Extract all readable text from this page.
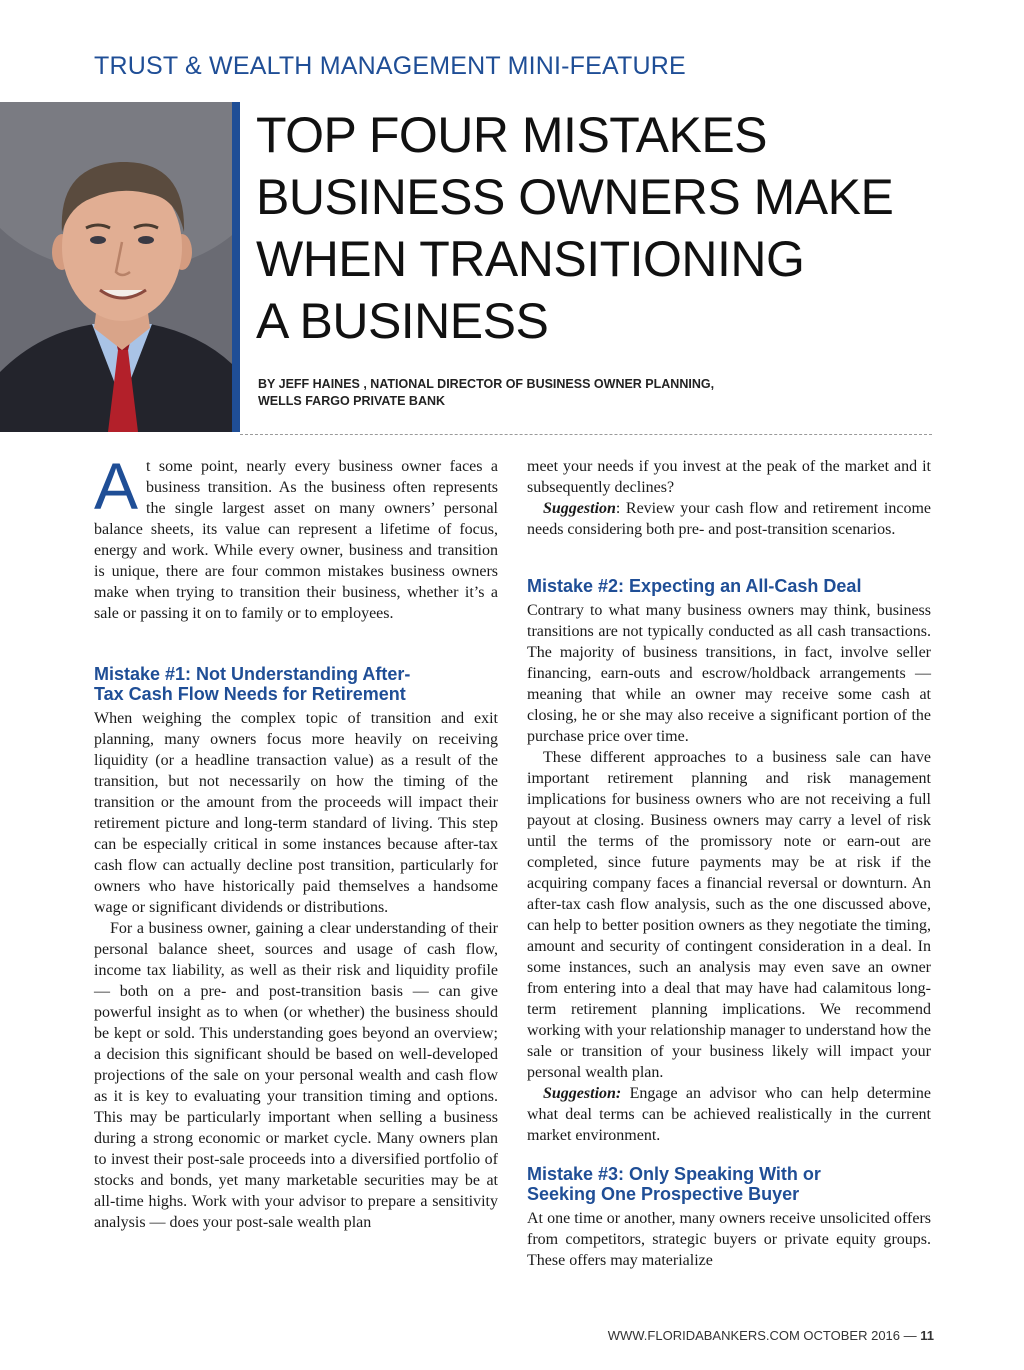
TRUST & WEALTH MANAGEMENT MINI-FEATURE
TOP FOUR MISTAKES
BUSINESS OWNERS MAKE
WHEN TRANSITIONING
A BUSINESS
BY JEFF HAINES , NATIONAL DIRECTOR OF BUSINESS OWNER PLANNING,
WELLS FARGO PRIVATE BANK

At some point, nearly every business owner faces a business transition. As the business often represents the single largest asset on many owners’ personal balance sheets, its value can represent a lifetime of focus, energy and work. While every owner, business and transition is unique, there are four common mistakes business owners make when trying to transition their business, whether it’s a sale or passing it on to family or to employees.

Mistake #1: Not Understanding After-
Tax Cash Flow Needs for Retirement

When weighing the complex topic of transition and exit planning, many owners focus more heavily on receiving liquidity (or a headline transaction value) as a result of the transition, but not necessarily on how the timing of the transition or the amount from the proceeds will impact their retirement picture and long-term standard of living. This step can be especially critical in some instances because after-tax cash flow can actually decline post transition, particularly for owners who have historically paid themselves a handsome wage or significant dividends or distributions.

For a business owner, gaining a clear understanding of their personal balance sheet, sources and usage of cash flow, income tax liability, as well as their risk and liquidity profile — both on a pre- and post-transition basis — can give powerful insight as to when (or whether) the business should be kept or sold. This understanding goes beyond an overview; a decision this significant should be based on well-developed projections of the sale on your personal wealth and cash flow as it is key to evaluating your transition timing and options. This may be particularly important when selling a business during a strong economic or market cycle. Many owners plan to invest their post-sale proceeds into a diversified portfolio of stocks and bonds, yet many marketable securities may be at all-time highs. Work with your advisor to prepare a sensitivity analysis — does your post-sale wealth plan

meet your needs if you invest at the peak of the market and it subsequently declines?

Suggestion: Review your cash flow and retirement income needs considering both pre- and post-transition scenarios.

Mistake #2: Expecting an All-Cash Deal

Contrary to what many business owners may think, business transitions are not typically conducted as all cash transactions. The majority of business transitions, in fact, involve seller financing, earn-outs and escrow/holdback arrangements — meaning that while an owner may receive some cash at closing, he or she may also receive a significant portion of the purchase price over time.

These different approaches to a business sale can have important retirement planning and risk management implications for business owners who are not receiving a full payout at closing. Business owners may carry a level of risk until the terms of the promissory note or earn-out are completed, since future payments may be at risk if the acquiring company faces a financial reversal or downturn. An after-tax cash flow analysis, such as the one discussed above, can help to better position owners as they negotiate the timing, amount and security of contingent consideration in a deal. In some instances, such an analysis may even save an owner from entering into a deal that may have had calamitous long-term retirement planning implications. We recommend working with your relationship manager to understand how the sale or transition of your business likely will impact your personal wealth plan.

Suggestion: Engage an advisor who can help determine what deal terms can be achieved realistically in the current market environment.

Mistake #3: Only Speaking With or
Seeking One Prospective Buyer

At one time or another, many owners receive unsolicited offers from competitors, strategic buyers or private equity groups. These offers may materialize

WWW.FLORIDABANKERS.COM OCTOBER 2016 — 11
